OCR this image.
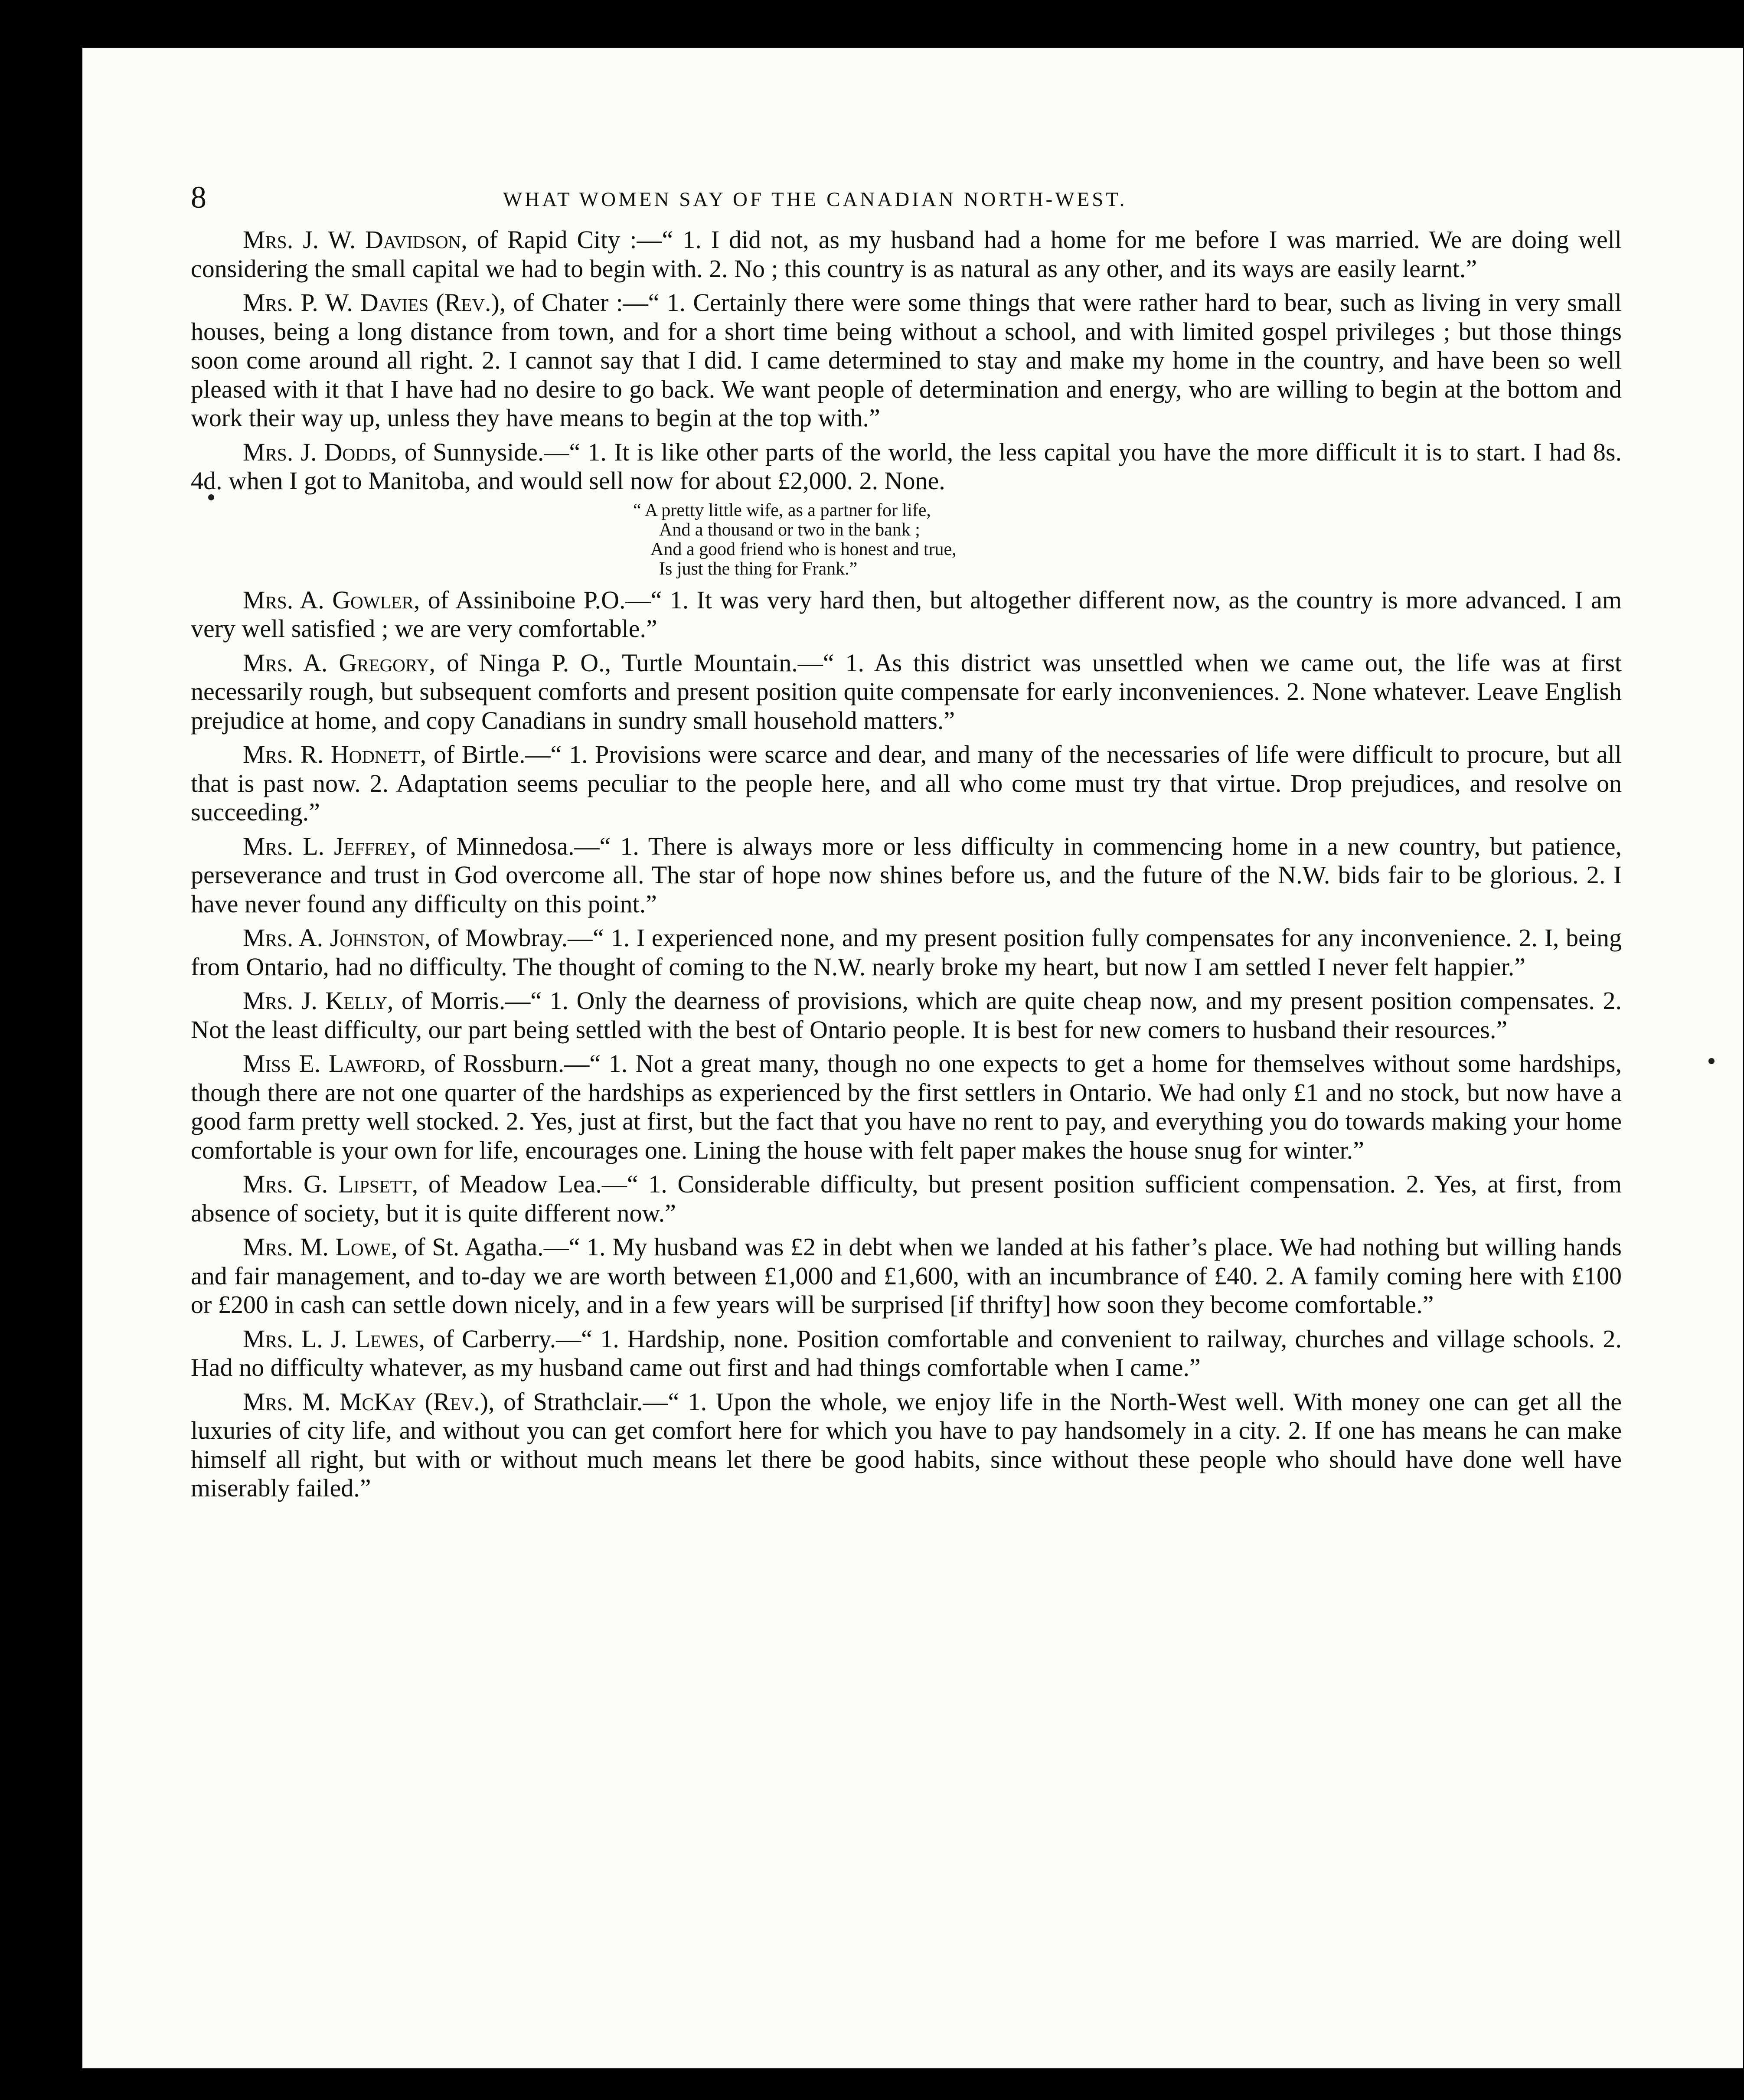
8	WHAT WOMEN SAY OF THE CANADIAN NORTH-WEST.

Mrs. J. W. Davidson, of Rapid City :—“ 1. I did not, as my husband had a home for me before I was married. We are doing well considering the small capital we had to begin with. 2. No ; this country is as natural as any other, and its ways are easily learnt.”

Mrs. P. W. Davies (Rev.), of Chater :—“ 1. Certainly there were some things that were rather hard to bear, such as living in very small houses, being a long distance from town, and for a short time being without a school, and with limited gospel privileges ; but those things soon come around all right. 2. I cannot say that I did. I came determined to stay and make my home in the country, and have been so well pleased with it that I have had no desire to go back. We want people of determination and energy, who are willing to begin at the bottom and work their way up, unless they have means to begin at the top with.”

Mrs. J. Dodds, of Sunnyside.—“ 1. It is like other parts of the world, the less capital you have the more difficult it is to start. I had 8s. 4d. when I got to Manitoba, and would sell now for about £2,000. 2. None.

“ A pretty little wife, as a partner for life,
And a thousand or two in the bank ;
And a good friend who is honest and true,
Is just the thing for Frank.”

Mrs. A. Gowler, of Assiniboine P.O.—“ 1. It was very hard then, but altogether different now, as the country is more advanced. I am very well satisfied ; we are very comfortable.”

Mrs. A. Gregory, of Ninga P. O., Turtle Mountain.—“ 1. As this district was unsettled when we came out, the life was at first necessarily rough, but subsequent comforts and present position quite compensate for early inconveniences. 2. None whatever. Leave English prejudice at home, and copy Canadians in sundry small household matters.”

Mrs. R. Hodnett, of Birtle.—“ 1. Provisions were scarce and dear, and many of the necessaries of life were difficult to procure, but all that is past now. 2. Adaptation seems peculiar to the people here, and all who come must try that virtue. Drop prejudices, and resolve on succeeding.”

Mrs. L. Jeffrey, of Minnedosa.—“ 1. There is always more or less difficulty in commencing home in a new country, but patience, perseverance and trust in God overcome all. The star of hope now shines before us, and the future of the N.W. bids fair to be glorious. 2. I have never found any difficulty on this point.”

Mrs. A. Johnston, of Mowbray.—“ 1. I experienced none, and my present position fully compensates for any inconvenience. 2. I, being from Ontario, had no difficulty. The thought of coming to the N.W. nearly broke my heart, but now I am settled I never felt happier.”

Mrs. J. Kelly, of Morris.—“ 1. Only the dearness of provisions, which are quite cheap now, and my present position compensates. 2. Not the least difficulty, our part being settled with the best of Ontario people. It is best for new comers to husband their resources.”

Miss E. Lawford, of Rossburn.—“ 1. Not a great many, though no one expects to get a home for themselves without some hardships, though there are not one quarter of the hardships as experienced by the first settlers in Ontario. We had only £1 and no stock, but now have a good farm pretty well stocked. 2. Yes, just at first, but the fact that you have no rent to pay, and everything you do towards making your home comfortable is your own for life, encourages one. Lining the house with felt paper makes the house snug for winter.”

Mrs. G. Lipsett, of Meadow Lea.—“ 1. Considerable difficulty, but present position sufficient compensation. 2. Yes, at first, from absence of society, but it is quite different now.”

Mrs. M. Lowe, of St. Agatha.—“ 1. My husband was £2 in debt when we landed at his father’s place. We had nothing but willing hands and fair management, and to-day we are worth between £1,000 and £1,600, with an incumbrance of £40. 2. A family coming here with £100 or £200 in cash can settle down nicely, and in a few years will be surprised [if thrifty] how soon they become comfortable.”

Mrs. L. J. Lewes, of Carberry.—“ 1. Hardship, none. Position comfortable and convenient to railway, churches and village schools. 2. Had no difficulty whatever, as my husband came out first and had things comfortable when I came.”

Mrs. M. McKay (Rev.), of Strathclair.—“ 1. Upon the whole, we enjoy life in the North-West well. With money one can get all the luxuries of city life, and without you can get comfort here for which you have to pay handsomely in a city. 2. If one has means he can make himself all right, but with or without much means let there be good habits, since without these people who should have done well have miserably failed.”
